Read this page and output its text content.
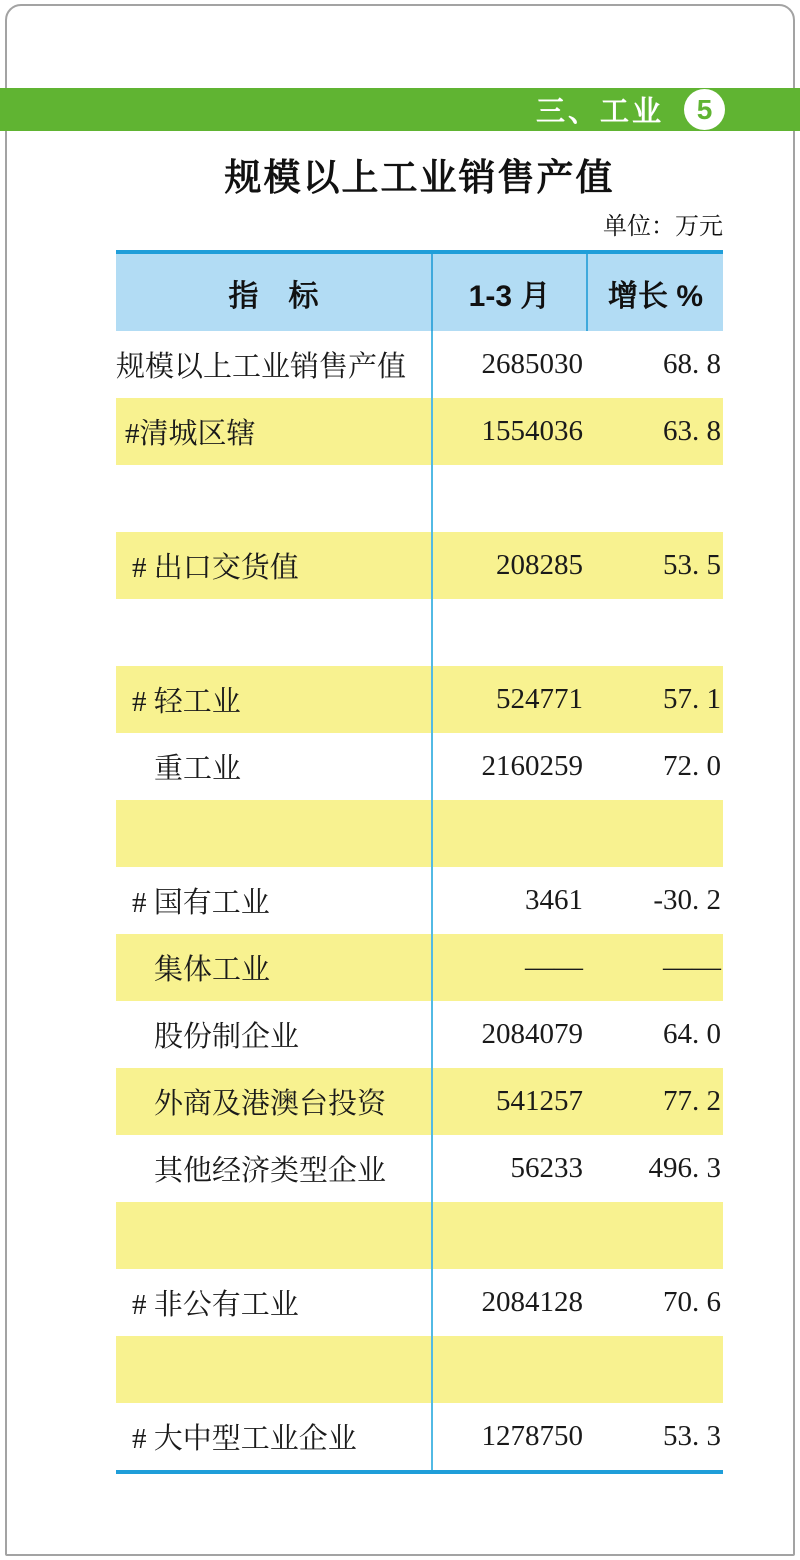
三、工业 5
规模以上工业销售产值
单位：万元
指　标	1-3 月	增长 %
规模以上工业销售产值	2685030	68. 8
#清城区辖	1554036	63. 8
# 出口交货值	208285	53. 5
# 轻工业	524771	57. 1
重工业	2160259	72. 0
# 国有工业	3461	-30. 2
集体工业	——	——
股份制企业	2084079	64. 0
外商及港澳台投资	541257	77. 2
其他经济类型企业	56233	496. 3
# 非公有工业	2084128	70. 6
# 大中型工业企业	1278750	53. 3
